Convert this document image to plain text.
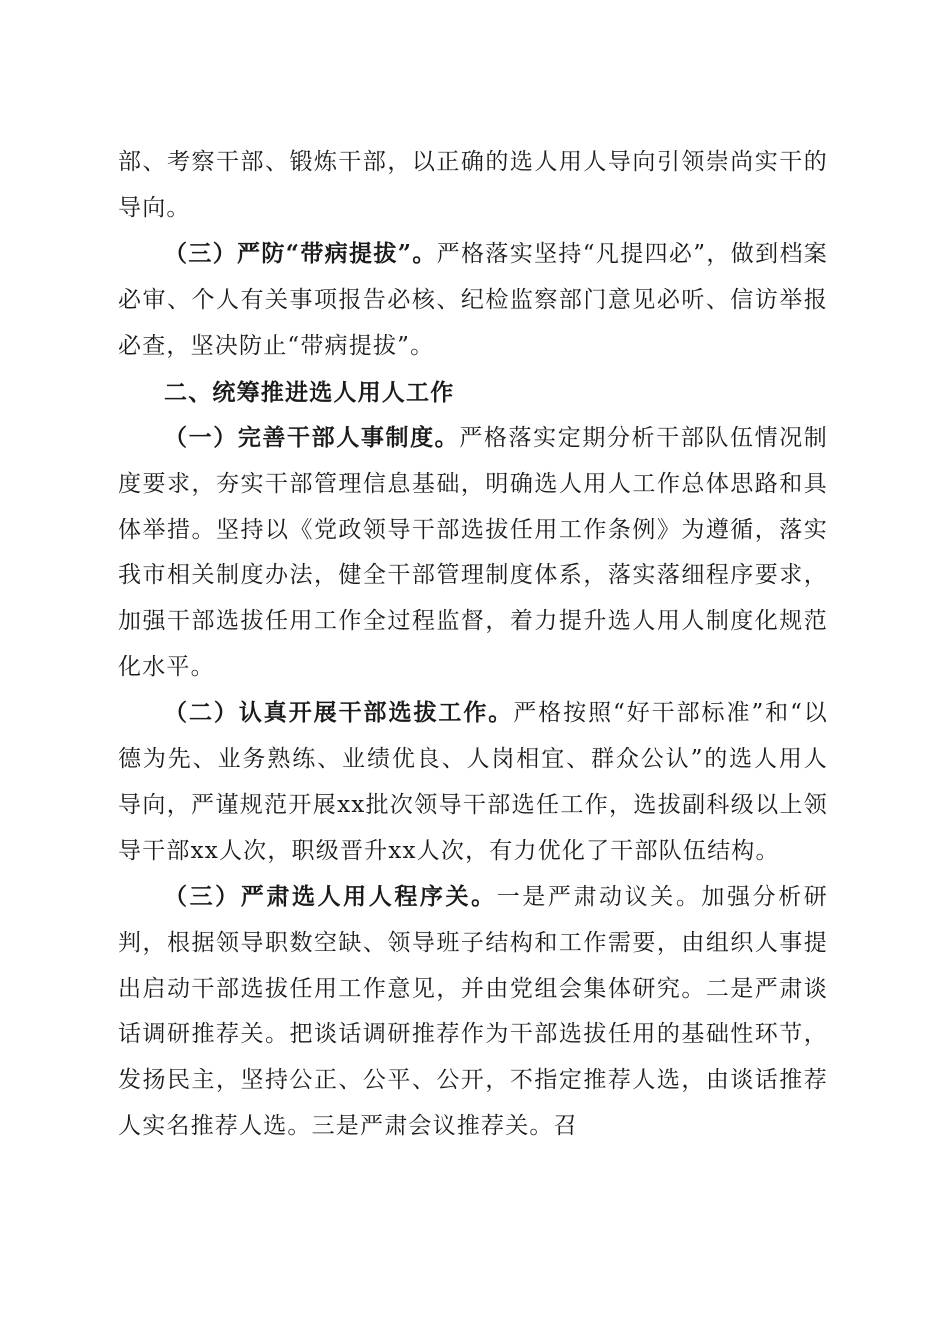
部、考察干部、锻炼干部，以正确的选人用人导向引领崇尚实干的导向。

（三）严防“带病提拔”。严格落实坚持“凡提四必”，做到档案必审、个人有关事项报告必核、纪检监察部门意见必听、信访举报必查，坚决防止“带病提拔”。

二、统筹推进选人用人工作

（一）完善干部人事制度。严格落实定期分析干部队伍情况制度要求，夯实干部管理信息基础，明确选人用人工作总体思路和具体举措。坚持以《党政领导干部选拔任用工作条例》为遵循，落实我市相关制度办法，健全干部管理制度体系，落实落细程序要求，加强干部选拔任用工作全过程监督，着力提升选人用人制度化规范化水平。

（二）认真开展干部选拔工作。严格按照“好干部标准”和“以德为先、业务熟练、业绩优良、人岗相宜、群众公认”的选人用人导向，严谨规范开展xx批次领导干部选任工作，选拔副科级以上领导干部xx人次，职级晋升xx人次，有力优化了干部队伍结构。

（三）严肃选人用人程序关。一是严肃动议关。加强分析研判，根据领导职数空缺、领导班子结构和工作需要，由组织人事提出启动干部选拔任用工作意见，并由党组会集体研究。二是严肃谈话调研推荐关。把谈话调研推荐作为干部选拔任用的基础性环节，发扬民主，坚持公正、公平、公开，不指定推荐人选，由谈话推荐人实名推荐人选。三是严肃会议推荐关。召
